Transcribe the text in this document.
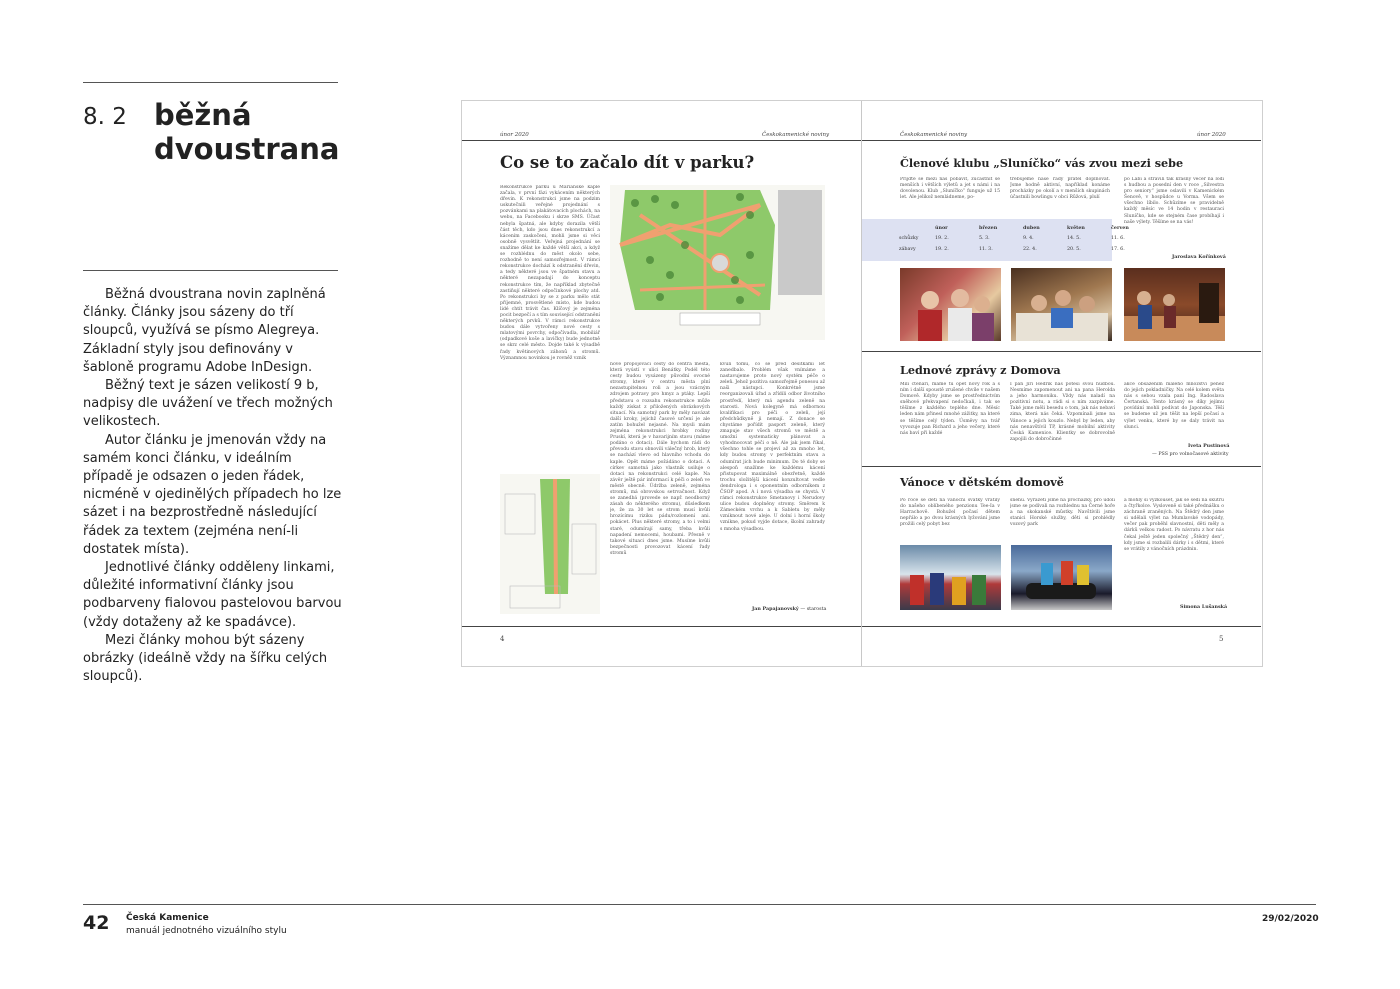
8. 2 běžná dvoustrana

Běžná dvoustrana novin zaplněná články. Články jsou sázeny do tří sloupců, využívá se písmo Alegreya. Základní styly jsou definovány v šabloně programu Adobe InDesign.

Běžný text je sázen velikostí 9 b, nadpisy dle uvážení ve třech možných velikostech.

Autor článku je jmenován vždy na samém konci článku, v ideálním případě je odsazen o jeden řádek, nicméně v ojedinělých případech ho lze sázet i na bezprostředně následující řádek za textem (zejména není-li dostatek místa).

Jednotlivé články odděleny linkami, důležité informativní články jsou podbarveny fialovou pastelovou barvou (vždy dotaženy až ke spadávce).

Mezi články mohou být sázeny obrázky (ideálně vždy na šířku celých sloupců).

únor 2020	Českokamenické noviny
Co se to začalo dít v parku?
Rekonstrukce parku u Mariánské kaple začala, v první fázi vykácením některých dřevin. K rekonstrukci jsme na podzim uskutečnili veřejné projednání s pozvánkami na plakátovacích plochách, na webu, na Facebooku i skrze SMS. Účast nebyla špatná, ale kdyby dorazila větší část těch, kdo jsou dnes rekonstrukcí a kácením zaskočeni, mohli jsme si věci osobně vysvětlit. Veřejná projednání se snažíme dělat ke každé větší akci, a když se rozhlédnu do měst okolo sebe, rozhodně to není samozřejmost. V rámci rekonstrukce dochází k odstranění dřevin, a tedy některé jsou ve špatném stavu a některé nezapadají do konceptu rekonstrukce tím, že například zbytečně zastiňují některé odpočinkové plochy atd. Po rekonstrukci by se z parku mělo stát příjemné, prosvětlené místo, kde budou lidé chtít trávit čas. Klíčový je zejména pocit bezpečí a s tím související odstranění některých prvků. V rámci rekonstrukce budou dále vytvořeny nové cesty s mlatovými povrchy, odpočívadla, mobiliář (odpadkové koše a lavičky) bude jednotně se skrz celé město. Dojde také k výsadbě řady květinových záhonů a stromů. Významnou novinkou je rovněž vznik
nové propojovací cesty do centra města, která vyústí v ulici Benátky. Podél této cesty budou vysázeny původní ovocné stromy, které v centru města plní nezastupitelnou roli a jsou vzácným zdrojem potravy pro hmyz a ptáky. Lepší představu o rozsahu rekonstrukce může každý získat z přiložených obrázkových situací. Na samotný park by měly navázat další kroky, jejichž časové určení je ale zatím bohužel nejasné. Na mysli mám zejména rekonstrukci hrobky rodiny Pruskí, která je v havarijním stavu (máme podáno o dotaci). Dále bychom rádi do převodu stavu obnovili válečný hrob, který se nachází vlevo od hlavního vchodu do kaple. Opět máme požádáno o dotaci. A církev samotná jako vlastník usiluje o dotaci na rekonstrukci celé kaple. Na závěr ještě pár informací k péči o zeleň ve městě obecně. Údržba zeleně, zejména stromů, má obrovskou setrvačnost. Když se zanedbá (provede se např. neodborný zásah do některého stromu), důsledkem je, že za 30 let se strom musí kvůli hrozícímu riziku pádu/rozlomení ani. pokácet. Plus některé stromy, a to i velmi staré, odumírají samy, třeba kvůli napadení nemocemi, houbami. Přesně v takové situaci dnes jsme. Musíme kvůli bezpečnosti provozovat kácení řady stromů
kvůli tomu, co se před desítkami let zanedbalo. Problém však vnímáme a nastavujeme proto nový systém péče o zeleň. Jehož pozitiva samozřejmě ponesou až naši nástupci. Konkrétně jsme reorganizovali úřad a zřídili odbor životního prostředí, který má agendu zeleně na starosti. Nová kolegyně má odbornou kvalifikaci pro péči o zeleň, její předchůdkyně ji nemají. Z donace se chystáme pořídit pasport zeleně, který zmapuje stav všech stromů ve městě a umožní systematicky plánovat a vyhodnocovat péči o ně. Ale jak jsem říkal, všechno tohle se projeví až za mnoho let, kdy budou stromy v perfektním stavu a odumírat jich bude minimum. Do té doby se alespoň snažíme ke každému kácení přistupovat maximálně obezřetně, každé trochu složitější kácení konzultovat vedle dendrologa i s oponentním odborníkem z ČSOP apod. A i nová výsadba se chystá. V rámci rekonstrukce Smetanovy i Nerudovy ulice budou doplněny stromy. Směrem k Zámeckém vrchu a k Sabletu by měly vzniknout nové aleje. U dolní i horní školy vznikne, pokud vyjde dotace, školní zahrady s mnoha výsadbou.
Jan Papajanovský — starosta
4
Českokamenické noviny	únor 2020
Členové klubu „Sluníčko“ vás zvou mezi sebe
Přijďte se mezi nás pobavit, zúčastnit se menších i větších výletů a jet s námi i na dovolenou. Klub „Sluníčko“ funguje už 15 let. Ale jelikož nemládneme, po-
třebujeme naše řady přátel doplňovat. Jsme hodně aktivní, například konáme procházky po okolí a v menších skupinách účastnili bowlingu v obci Růžová, plulí
po Labi a strávili tak krásný večer na lodi s hudbou a posední den v roce „Silvestra pro seniory“ jsme oslavili v Kamenickém Šenově, v hospůdce u Vorma. Všem se všechno líbilo. Schůzíme se pravidelně každý měsíc ve 14 hodin v restauraci Sluníčko, kde se stejném čase probíhají i naše výlety. Těšíme se na vás!
	únor	březen	duben	květen	červen
schůzky	19. 2.	5. 3.	9. 4.	14. 5.	11. 6.
zábavy	19. 2.	11. 3.	22. 4.	20. 5.	17. 6.
Jaroslava Kořínková
Lednové zprávy z Domova
Milí čtenáři, máme tu opět nový rok a s ním i další spoustě zrušené chvíle v našem Domově. Kdyby jsme se prostřednictvím sněhové překvapení nedočkali, i tak se těšíme z každého teplého dne. Měsíc leden nám přinesl mnohé zážitky, na které se těšíme celý týden. Úsměvy na tvář vyvozuje pan Richard a jeho večery, které nás baví při každé
I pan Jiří Hedřík nás potěší svou hudbou. Nesmíme zapomenout ani na pana Herolda a jeho harmoniku. Vždy nás naladí na pozitivní notu, a rádi si s ním zazpíváme. Také jsme měli besedu o tom, jak nás nebaví zima, která nás čeká. Vzpomínali jsme na Vánoce a jejich kouzlo. Nebyl by leden, aby nás nenavštívil TP, krásné mobilní aktivity Česká Kamenice. Klientky se dobrovolně zapojili do dobročinné
akce obsazením malého množství peněz do jejich pokladničky. Na celé kolem světa nás s sebou vzala paní Ing. Radoslava Čertanská. Tento krásný se díky jejímu povídání mohli podívat do Japonska. Těší se budeme už jen těšit na lepší počasí a výlet venku, které by se daly trávit na slunci.
Iveta Pustinová
— PSS pro volnočasové aktivity
Vánoce v dětském domově
Po roce se děti na vánoční svátky vrátily do našeho oblíbeného penzionu Tee-Ia v Harrachově. Bohužel počasí dětem nepřálo a po dvou krásných lyžování jsme prožili celý pobyt bez
sněhu. Vyrážeti jsme na procházky, pro údolí jsme se podívali na rozhlednu na Černé hoře a na skokanské můstky. Navštívili jsme stanici Horské služby, děti si prohlédly vozový park
a mohly si vyzkoušet, jak se sedí na skútru a čtyřkolce. Vysloveně si také přednášku o záchraně zraněných. Na Štědrý den jsme si udělali výlet na Mumlavské vodopády, večer pak proběhl slavnostní, děti měly a dárků velkou radost. Po návratu z hor nás čekal ještě jeden společný „Štědrý den“, kdy jsme si rozbalili dárky i s dětmi, které se vrátily z vánočních prázdnin.
Simona Lušanská
5
42 Česká Kamenice
manuál jednotného vizuálního stylu
29/02/2020
